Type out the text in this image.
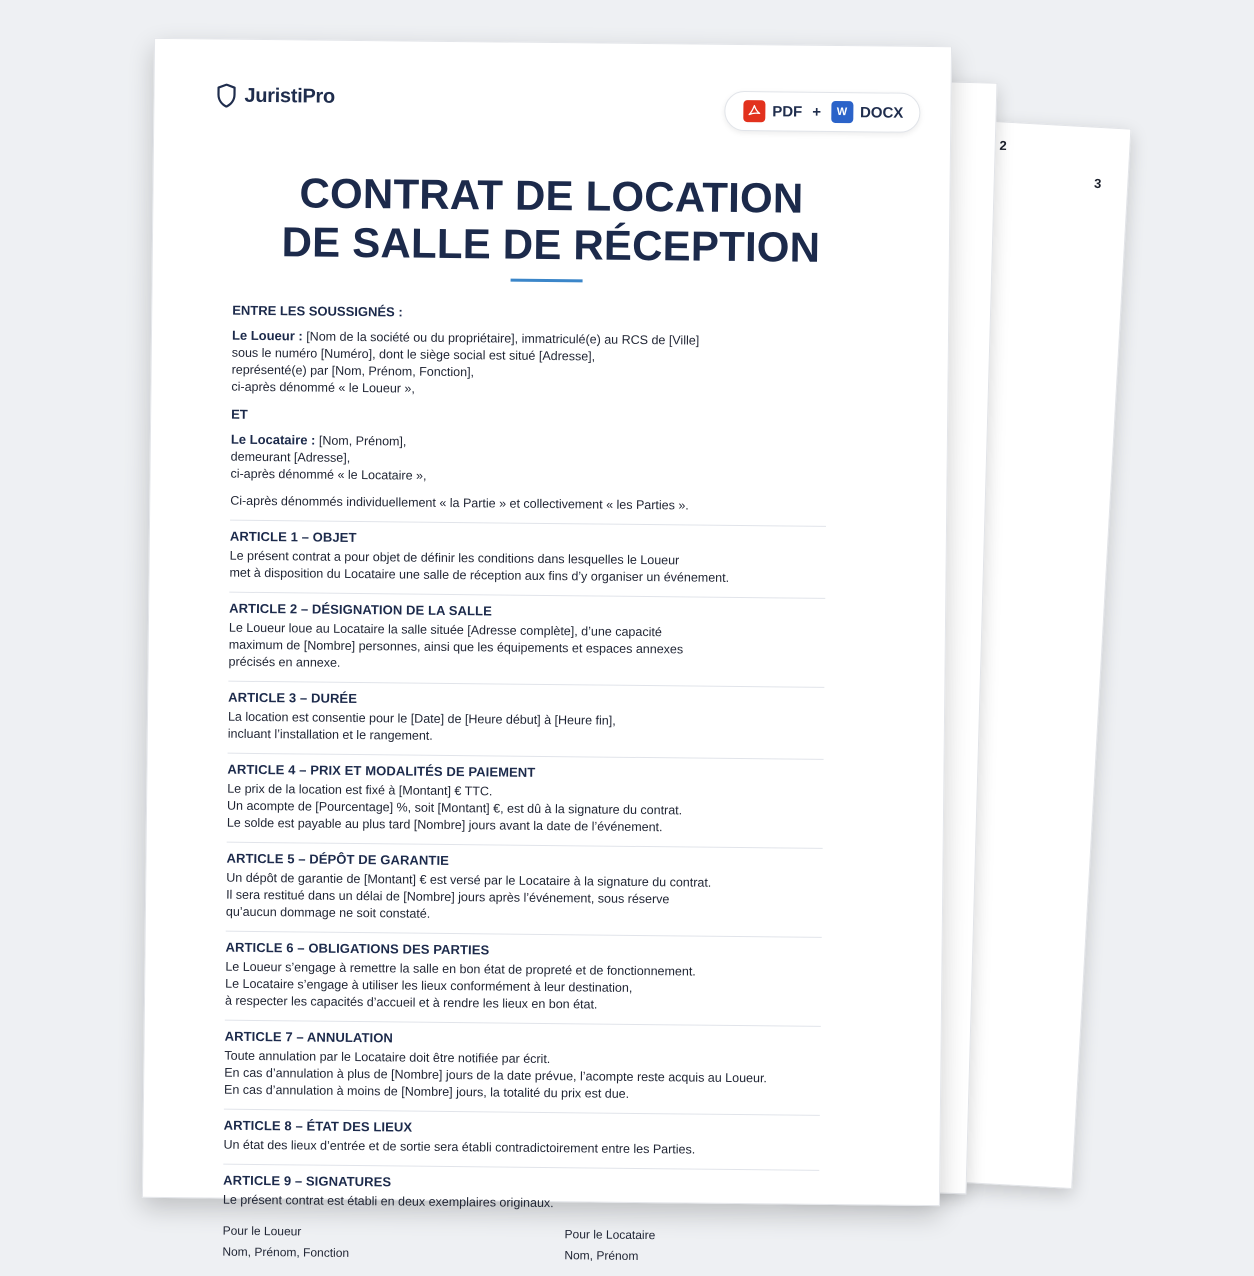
3
2
JuristiPro
PDF +	W DOCX
CONTRAT DE LOCATION
DE SALLE DE RÉCEPTION
ENTRE LES SOUSSIGNÉS :
Le Loueur : [Nom de la société ou du propriétaire], immatriculé(e) au RCS de [Ville]
sous le numéro [Numéro], dont le siège social est situé [Adresse],
représenté(e) par [Nom, Prénom, Fonction],
ci-après dénommé « le Loueur »,
ET
Le Locataire : [Nom, Prénom],
demeurant [Adresse],
ci-après dénommé « le Locataire »,
Ci-après dénommés individuellement « la Partie » et collectivement « les Parties ».
ARTICLE 1 – OBJET
Le présent contrat a pour objet de définir les conditions dans lesquelles le Loueur
met à disposition du Locataire une salle de réception aux fins d’y organiser un événement.
ARTICLE 2 – DÉSIGNATION DE LA SALLE
Le Loueur loue au Locataire la salle située [Adresse complète], d’une capacité
maximum de [Nombre] personnes, ainsi que les équipements et espaces annexes
précisés en annexe.
ARTICLE 3 – DURÉE
La location est consentie pour le [Date] de [Heure début] à [Heure fin],
incluant l’installation et le rangement.
ARTICLE 4 – PRIX ET MODALITÉS DE PAIEMENT
Le prix de la location est fixé à [Montant] € TTC.
Un acompte de [Pourcentage] %, soit [Montant] €, est dû à la signature du contrat.
Le solde est payable au plus tard [Nombre] jours avant la date de l’événement.
ARTICLE 5 – DÉPÔT DE GARANTIE
Un dépôt de garantie de [Montant] € est versé par le Locataire à la signature du contrat.
Il sera restitué dans un délai de [Nombre] jours après l’événement, sous réserve
qu’aucun dommage ne soit constaté.
ARTICLE 6 – OBLIGATIONS DES PARTIES
Le Loueur s’engage à remettre la salle en bon état de propreté et de fonctionnement.
Le Locataire s’engage à utiliser les lieux conformément à leur destination,
à respecter les capacités d’accueil et à rendre les lieux en bon état.
ARTICLE 7 – ANNULATION
Toute annulation par le Locataire doit être notifiée par écrit.
En cas d’annulation à plus de [Nombre] jours de la date prévue, l’acompte reste acquis au Loueur.
En cas d’annulation à moins de [Nombre] jours, la totalité du prix est due.
ARTICLE 8 – ÉTAT DES LIEUX
Un état des lieux d’entrée et de sortie sera établi contradictoirement entre les Parties.
ARTICLE 9 – SIGNATURES
Le présent contrat est établi en deux exemplaires originaux.
Pour le Loueur
Nom, Prénom, Fonction
Pour le Locataire
Nom, Prénom
